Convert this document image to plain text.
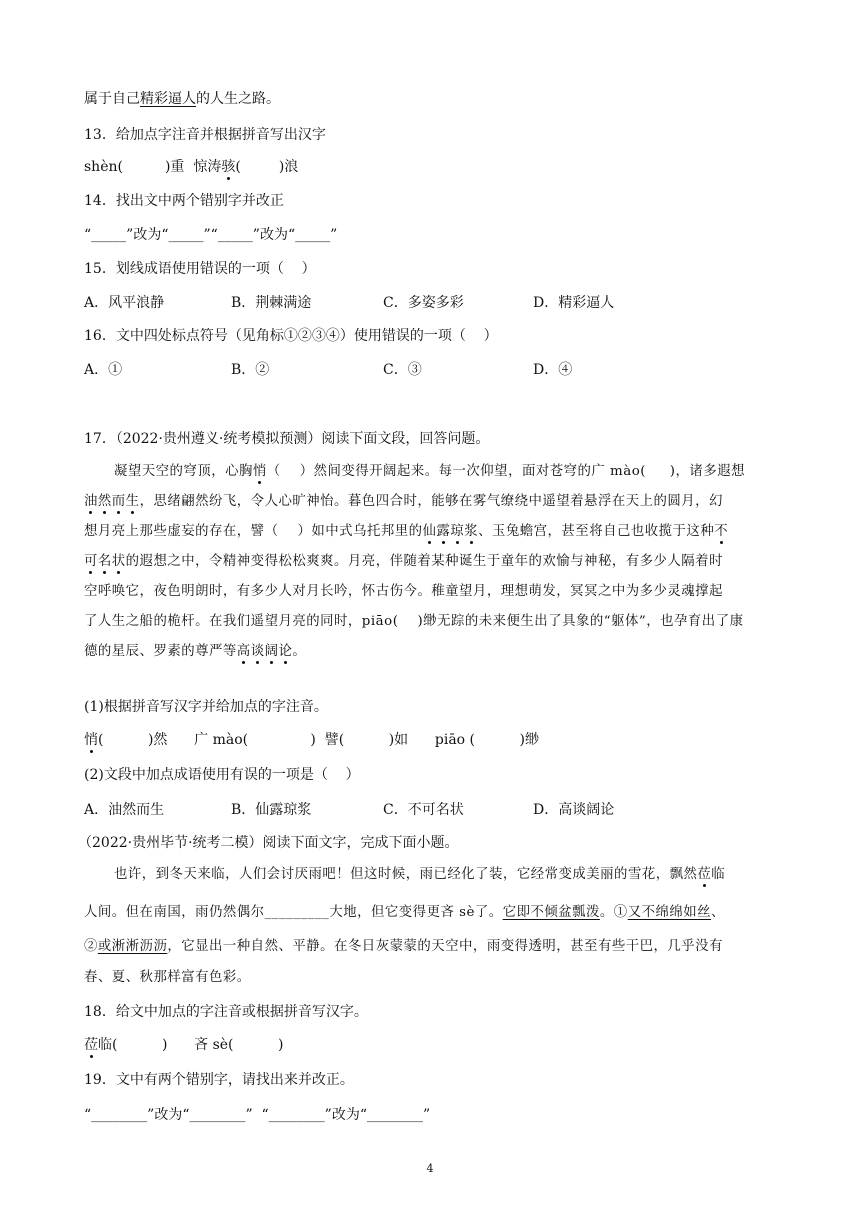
属于自己精彩逼人的人生之路。
13．给加点字注音并根据拼音写出汉字
shèn(	)重  惊涛骇(	)浪
14．找出文中两个错别字并改正
“_____”改为“_____”“_____”改为“_____”
15．划线成语使用错误的一项（    ）
A．风平浪静	B．荆棘满途	C．多姿多彩	D．精彩逼人
16．文中四处标点符号（见角标①②③④）使用错误的一项（    ）
A．①	B．②	C．③	D．④
17．（2022·贵州遵义·统考模拟预测）阅读下面文段，回答问题。
凝望天空的穹顶，心胸悄（    ）然间变得开阔起来。每一次仰望，面对苍穹的广 mào(     )，诸多遐想
油然而生，思绪翩然纷飞，令人心旷神怡。暮色四合时，能够在雾气缭绕中遥望着悬浮在天上的圆月，幻
想月亮上那些虚妄的存在，譬（    ）如中式乌托邦里的仙露琼浆、玉兔蟾宫，甚至将自己也收揽于这种不
可名状的遐想之中，令精神变得松松爽爽。月亮，伴随着某种诞生于童年的欢愉与神秘，有多少人隔着时
空呼唤它，夜色明朗时，有多少人对月长吟，怀古伤今。稚童望月，理想萌发，冥冥之中为多少灵魂撑起
了人生之船的桅杆。在我们遥望月亮的同时，piāo(    )缈无踪的未来便生出了具象的“躯体”，也孕育出了康
德的星辰、罗素的尊严等高谈阔论。
(1)根据拼音写汉字并给加点的字注音。
悄(          )然      广 mào(              )  譬(          )如      piāo (          )缈
(2)文段中加点成语使用有误的一项是（    ）
A．油然而生	B．仙露琼浆	C．不可名状	D．高谈阔论
（2022·贵州毕节·统考二模）阅读下面文字，完成下面小题。
也许，到冬天来临，人们会讨厌雨吧！但这时候，雨已经化了装，它经常变成美丽的雪花，飘然莅临
人间。但在南国，雨仍然偶尔_________大地，但它变得更吝 sè了。它即不倾盆瓢泼。①又不绵绵如丝、
②或淅淅沥沥，它显出一种自然、平静。在冬日灰蒙蒙的天空中，雨变得透明，甚至有些干巴，几乎没有
春、夏、秋那样富有色彩。
18．给文中加点的字注音或根据拼音写汉字。
莅临(          )      吝 sè(          )
19．文中有两个错别字，请找出来并改正。
“________”改为“________”  “________”改为“________”
4
